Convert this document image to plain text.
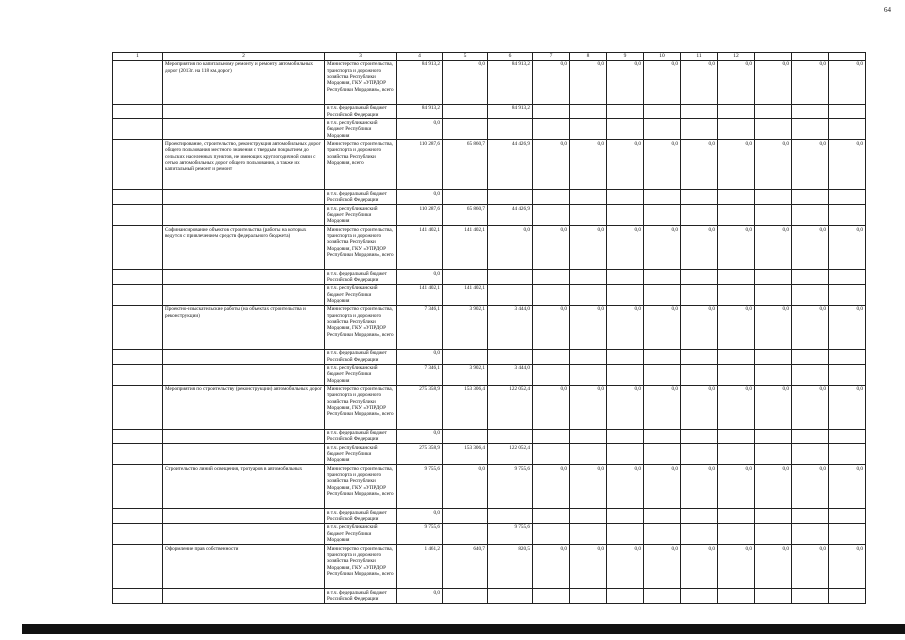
64
1	2	3	4	5	6	7	8	9	10	11	12			
	Мероприятия по капитальному ремонту и ремонту автомобильных дорог (2013г. на 118 км.дорог)	Министерство строительства, транспорта и дорожного хозяйства Республики Мордовия, ГКУ «УПРДОР Республики Мордовия», всего	84 913,2	0,0	84 913,2	0,0	0,0	0,0	0,0	0,0	0,0	0,0	0,0	0,0
		в т.ч. федеральный бюджет Российской Федерации	84 913,2		84 913,2									
		в т.ч. республиканский бюджет Республики Мордовия	0,0											
	Проектирование, строительство, реконструкция автомобильных дорог общего пользования местного значения с твердым покрытием до сельских населенных пунктов, не имеющих круглогодичной связи с сетью автомобильных дорог общего пользования, а также их капитальный ремонт и ремонт	Министерство строительства, транспорта и дорожного хозяйства Республики Мордовия, всего	110 287,6	65 860,7	44 426,9	0,0	0,0	0,0	0,0	0,0	0,0	0,0	0,0	0,0
		в т.ч. федеральный бюджет Российской Федерации	0,0											
		в т.ч. республиканский бюджет Республики Мордовия	110 287,6	65 860,7	44 426,9									
	Софинансирование объектов строительства (работы на которых ведутся с привлечением средств федерального бюджета)	Министерство строительства, транспорта и дорожного хозяйства Республики Мордовия, ГКУ «УПРДОР Республики Мордовия», всего	141 402,1	141 402,1	0,0	0,0	0,0	0,0	0,0	0,0	0,0	0,0	0,0	0,0
		в т.ч. федеральный бюджет Российской Федерации	0,0											
		в т.ч. республиканский бюджет Республики Мордовия	141 402,1	141 402,1										
	Проектно-изыскательские работы (на объектах строительства и реконструкции)	Министерство строительства, транспорта и дорожного хозяйства Республики Мордовия, ГКУ «УПРДОР Республики Мордовия», всего	7 346,1	3 902,1	3 444,0	0,0	0,0	0,0	0,0	0,0	0,0	0,0	0,0	0,0
		в т.ч. федеральный бюджет Российской Федерации	0,0											
		в т.ч. республиканский бюджет Республики Мордовия	7 346,1	3 902,1	3 444,0									
	Мероприятия по строительству (реконструкции) автомобильных дорог	Министерство строительства, транспорта и дорожного хозяйства Республики Мордовия, ГКУ «УПРДОР Республики Мордовия», всего	275 358,9	153 306,4	122 052,4	0,0	0,0	0,0	0,0	0,0	0,0	0,0	0,0	0,0
		в т.ч. федеральный бюджет Российской Федерации	0,0											
		в т.ч. республиканский бюджет Республики Мордовия	275 358,9	153 306,4	122 052,4									
	Строительство линий освещения, тротуаров в автомобильных	Министерство строительства, транспорта и дорожного хозяйства Республики Мордовия, ГКУ «УПРДОР Республики Мордовия», всего	9 755,6	0,0	9 755,6	0,0	0,0	0,0	0,0	0,0	0,0	0,0	0,0	0,0
		в т.ч. федеральный бюджет Российской Федерации	0,0											
		в т.ч. республиканский бюджет Республики Мордовия	9 755,6		9 755,6									
	Оформление прав собственности	Министерство строительства, транспорта и дорожного хозяйства Республики Мордовия, ГКУ «УПРДОР Республики Мордовия», всего	1 461,2	640,7	820,5	0,0	0,0	0,0	0,0	0,0	0,0	0,0	0,0	0,0
		в т.ч. федеральный бюджет Российской Федерации	0,0											
